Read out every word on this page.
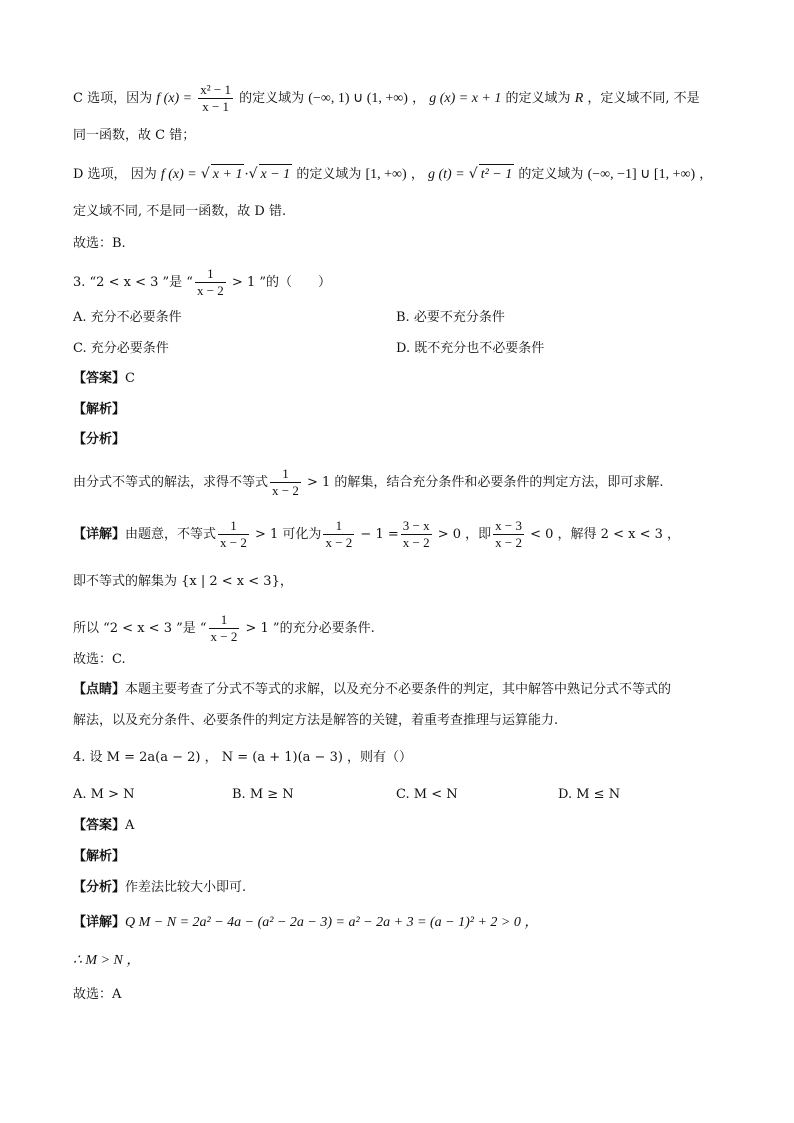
C 选项，因为 f $(x) = \frac{\text{x² − 1}}{x - 1}$ 的定义域为 (−∞, 1) ∪ (1, +∞) ， g (x) = x + 1 的定义域为 R ，定义域不同, 不是
同一函数，故 C 错；
D 选项， 因为 f (x) = √ x + 1 ·√ x − 1 的定义域为 [1, +∞) ， g (t) = √ t² − 1 的定义域为 (−∞, −1] ∪ [1, +∞) ，
定义域不同, 不是同一函数，故 D 错.
故选：B.
3. “2 < x < 3 ”是 “ $\frac{1}{x - 2} > 1$ ”的（　　）
A. 充分不必要条件	B. 必要不充分条件
C. 充分必要条件	D. 既不充分也不必要条件
【答案】C
【解析】
【分析】
由分式不等式的解法，求得不等式 $\frac{1}{x - 2} > 1$ 的解集，结合充分条件和必要条件的判定方法，即可求解.
【详解】由题意，不等式 $\frac{1}{x - 2} > 1$ 可化为 $\frac{1}{x - 2} - 1 = \frac{3 - x}{x - 2} > 0$ ，即 $\frac{x - 3}{x - 2} < 0$ ，解得 2 < x < 3 ，
即不等式的解集为 {x | 2 < x < 3}，
所以 “2 < x < 3 ”是 “ $\frac{1}{x - 2} > 1$ ”的充分必要条件.
故选：C.
【点睛】本题主要考查了分式不等式的求解，以及充分不必要条件的判定，其中解答中熟记分式不等式的
解法，以及充分条件、必要条件的判定方法是解答的关键，着重考查推理与运算能力.
4. 设 M = 2a(a − 2) ， N = (a + 1)(a − 3) ，则有（）
A. M > N	B. M ≥ N	C. M < N	D. M ≤ N
【答案】A
【解析】
【分析】作差法比较大小即可.
【详解】Q M − N = 2a² − 4a − (a² − 2a − 3) = a² − 2a + 3 = (a − 1)² + 2 > 0 ，
∴ M > N ，
故选：A
